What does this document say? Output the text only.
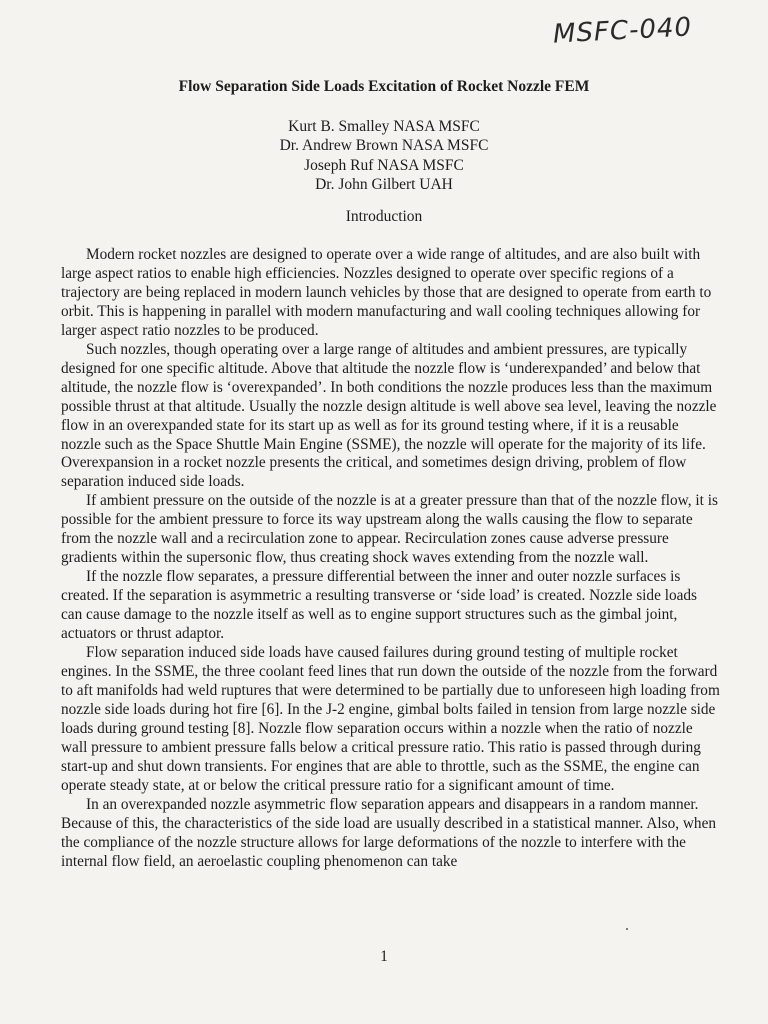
MSFC-040
Flow Separation Side Loads Excitation of Rocket Nozzle FEM
Kurt B. Smalley NASA MSFC
Dr. Andrew Brown NASA MSFC
Joseph Ruf NASA MSFC
Dr. John Gilbert UAH
Introduction

Modern rocket nozzles are designed to operate over a wide range of altitudes, and are also built with large aspect ratios to enable high efficiencies. Nozzles designed to operate over specific regions of a trajectory are being replaced in modern launch vehicles by those that are designed to operate from earth to orbit. This is happening in parallel with modern manufacturing and wall cooling techniques allowing for larger aspect ratio nozzles to be produced.

Such nozzles, though operating over a large range of altitudes and ambient pressures, are typically designed for one specific altitude. Above that altitude the nozzle flow is ‘underexpanded’ and below that altitude, the nozzle flow is ‘overexpanded’. In both conditions the nozzle produces less than the maximum possible thrust at that altitude. Usually the nozzle design altitude is well above sea level, leaving the nozzle flow in an overexpanded state for its start up as well as for its ground testing where, if it is a reusable nozzle such as the Space Shuttle Main Engine (SSME), the nozzle will operate for the majority of its life. Overexpansion in a rocket nozzle presents the critical, and sometimes design driving, problem of flow separation induced side loads.

If ambient pressure on the outside of the nozzle is at a greater pressure than that of the nozzle flow, it is possible for the ambient pressure to force its way upstream along the walls causing the flow to separate from the nozzle wall and a recirculation zone to appear. Recirculation zones cause adverse pressure gradients within the supersonic flow, thus creating shock waves extending from the nozzle wall.

If the nozzle flow separates, a pressure differential between the inner and outer nozzle surfaces is created. If the separation is asymmetric a resulting transverse or ‘side load’ is created. Nozzle side loads can cause damage to the nozzle itself as well as to engine support structures such as the gimbal joint, actuators or thrust adaptor.

Flow separation induced side loads have caused failures during ground testing of multiple rocket engines. In the SSME, the three coolant feed lines that run down the outside of the nozzle from the forward to aft manifolds had weld ruptures that were determined to be partially due to unforeseen high loading from nozzle side loads during hot fire [6]. In the J-2 engine, gimbal bolts failed in tension from large nozzle side loads during ground testing [8]. Nozzle flow separation occurs within a nozzle when the ratio of nozzle wall pressure to ambient pressure falls below a critical pressure ratio. This ratio is passed through during start-up and shut down transients. For engines that are able to throttle, such as the SSME, the engine can operate steady state, at or below the critical pressure ratio for a significant amount of time.

In an overexpanded nozzle asymmetric flow separation appears and disappears in a random manner. Because of this, the characteristics of the side load are usually described in a statistical manner. Also, when the compliance of the nozzle structure allows for large deformations of the nozzle to interfere with the internal flow field, an aeroelastic coupling phenomenon can take

1
